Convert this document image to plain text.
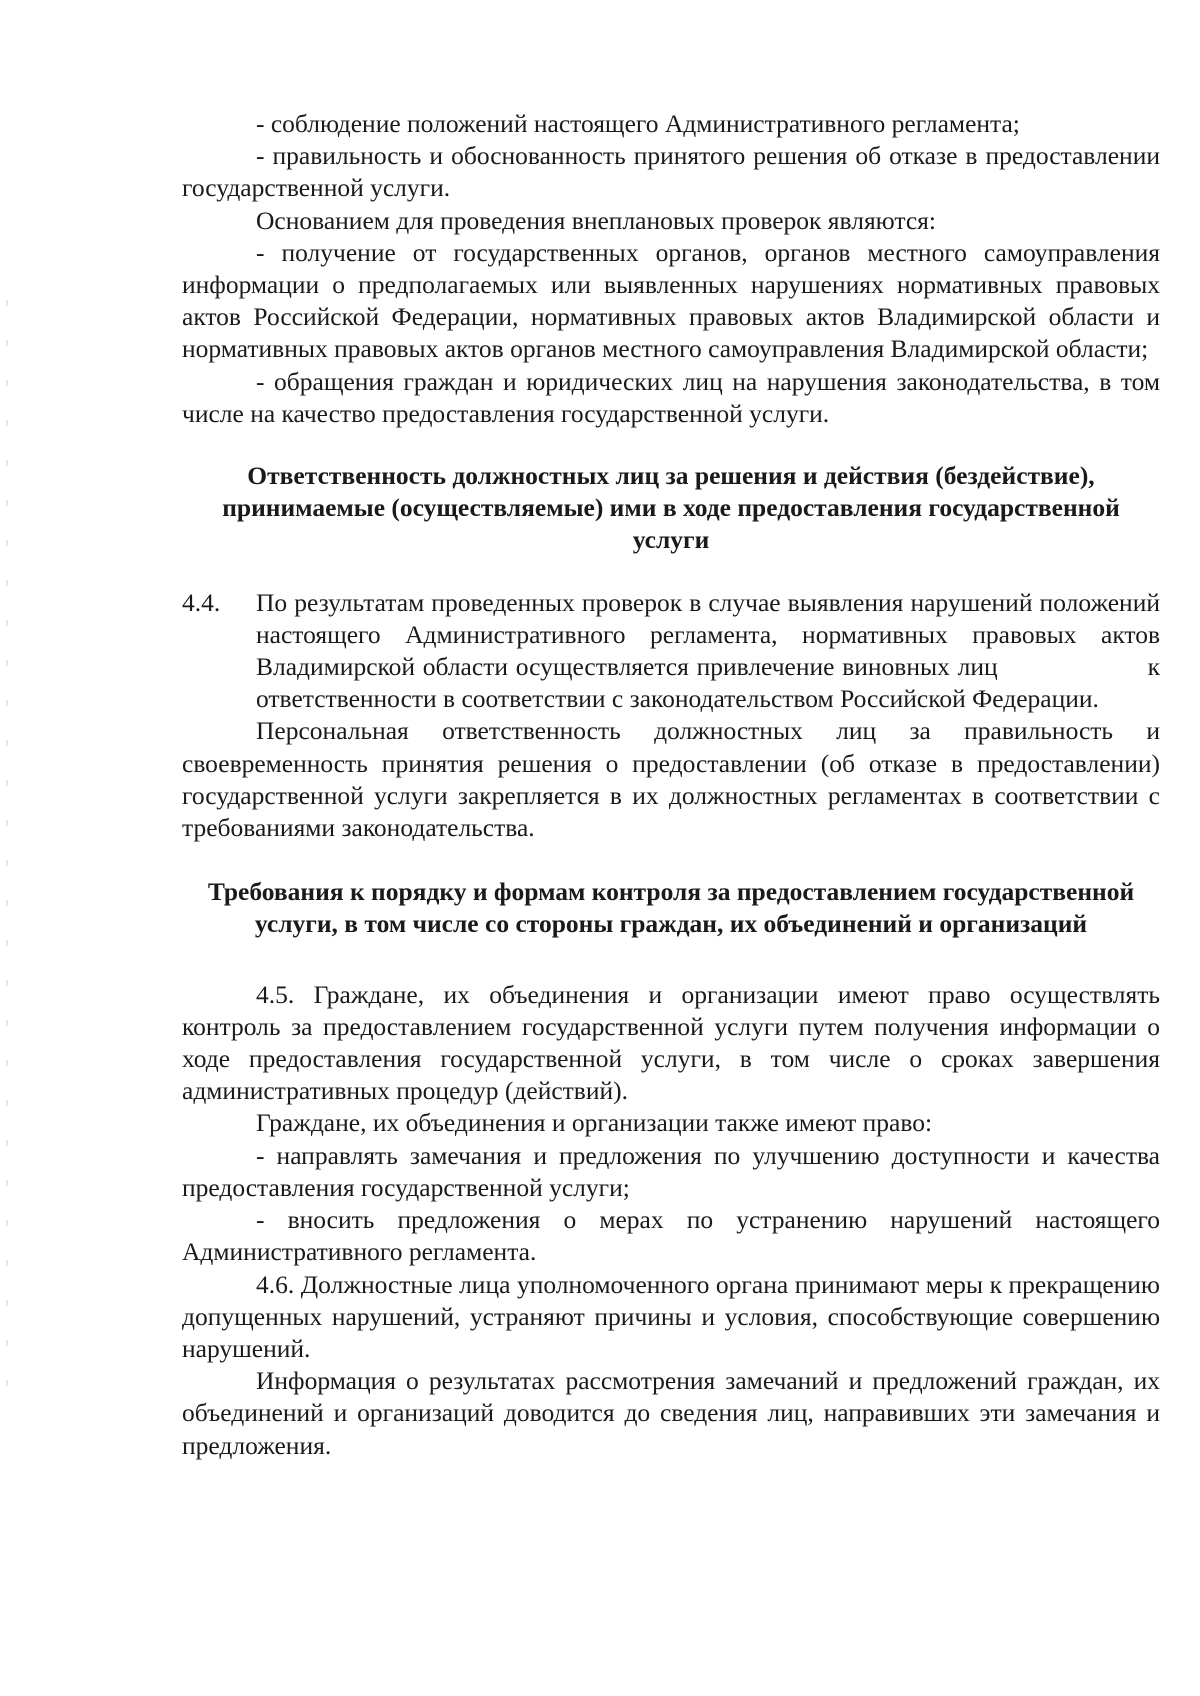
- соблюдение положений настоящего Административного регламента;

- правильность и обоснованность принятого решения об отказе в предоставлении государственной услуги.

Основанием для проведения внеплановых проверок являются:

- получение от государственных органов, органов местного самоуправления информации о предполагаемых или выявленных нарушениях нормативных правовых актов Российской Федерации, нормативных правовых актов Владимирской области и нормативных правовых актов органов местного самоуправления Владимирской области;

- обращения граждан и юридических лиц на нарушения законодательства, в том числе на качество предоставления государственной услуги.

Ответственность должностных лиц за решения и действия (бездействие), принимаемые (осуществляемые) ими в ходе предоставления государственной услуги
4.4.	По результатам проведенных проверок в случае выявления нарушений положений настоящего Административного регламента, нормативных правовых актов Владимирской области осуществляется привлечение виновных лиц	к ответственности в соответствии с законодательством Российской Федерации.

Персональная ответственность должностных лиц за правильность и своевременность принятия решения о предоставлении (об отказе в предоставлении) государственной услуги закрепляется в их должностных регламентах в соответствии с требованиями законодательства.

Требования к порядку и формам контроля за предоставлением государственной услуги, в том числе со стороны граждан, их объединений и организаций

4.5. Граждане, их объединения и организации имеют право осуществлять контроль за предоставлением государственной услуги путем получения информации о ходе предоставления государственной услуги, в том числе о сроках завершения административных процедур (действий).

Граждане, их объединения и организации также имеют право:

- направлять замечания и предложения по улучшению доступности и качества предоставления государственной услуги;

- вносить предложения о мерах по устранению нарушений настоящего Административного регламента.

4.6. Должностные лица уполномоченного органа принимают меры к прекращению допущенных нарушений, устраняют причины и условия, способствующие совершению нарушений.

Информация о результатах рассмотрения замечаний и предложений граждан, их объединений и организаций доводится до сведения лиц, направивших эти замечания и предложения.
